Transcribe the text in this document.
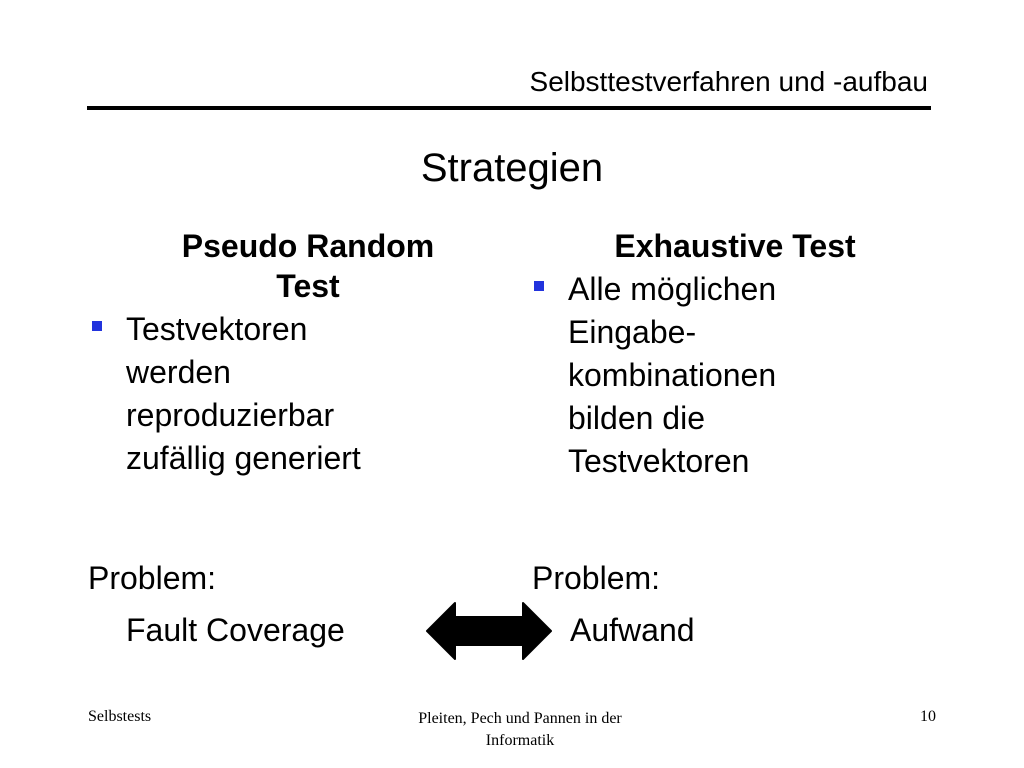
Selbsttestverfahren und -aufbau
Strategien
Pseudo Random
Test
Testvektoren
werden
reproduzierbar
zufällig generiert
Exhaustive Test
Alle möglichen
Eingabe-
kombinationen
bilden die
Testvektoren
Problem:
Fault Coverage
Problem:
Aufwand
Selbstests	Pleiten, Pech und Pannen in der
Informatik
10
